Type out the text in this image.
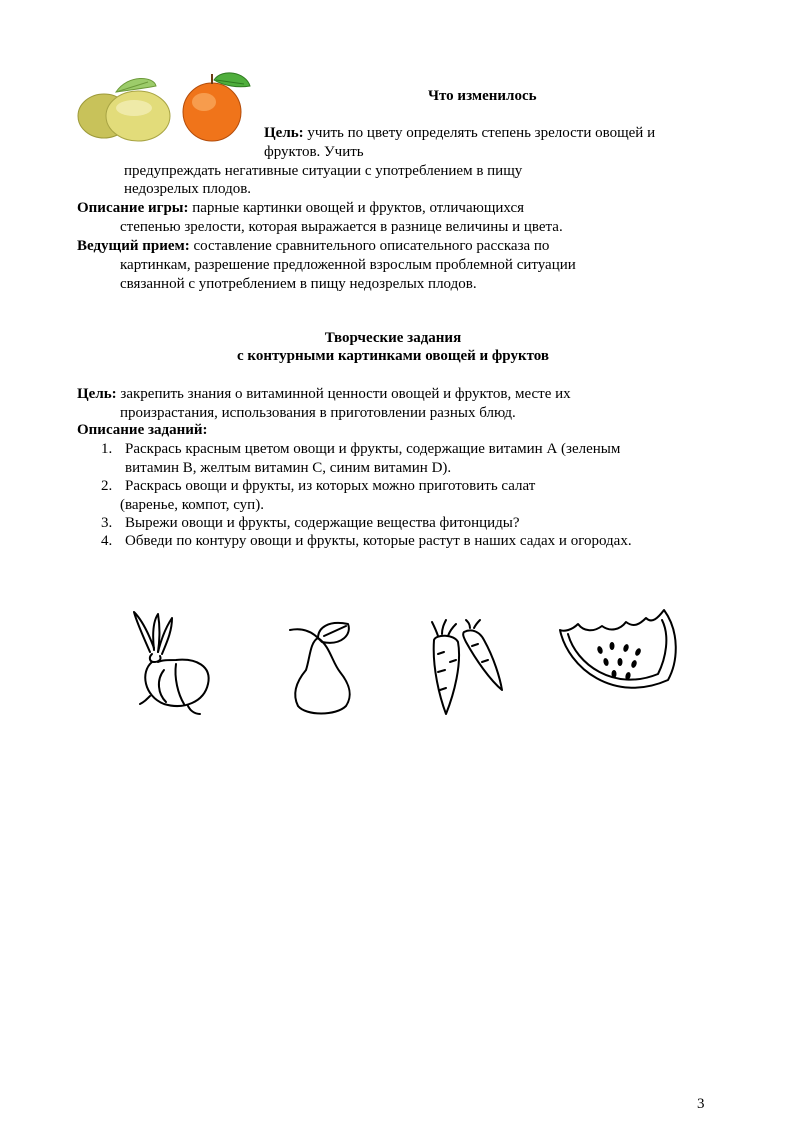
Что изменилось
Цель: учить по цвету определять степень зрелости овощей и
фруктов. Учить
предупреждать негативные ситуации с употреблением в пищу
недозрелых плодов.
Описание игры: парные картинки овощей и фруктов, отличающихся
степенью зрелости, которая выражается в разнице величины и цвета.
Ведущий прием: составление сравнительного описательного рассказа по
картинкам, разрешение предложенной взрослым проблемной ситуации
связанной с употреблением в пищу недозрелых плодов.
Творческие задания
с контурными картинками овощей и фруктов
Цель: закрепить знания о витаминной ценности овощей и фруктов, месте их
произрастания, использования в приготовлении разных блюд.
Описание заданий:
1. Раскрась красным цветом овощи и фрукты, содержащие витамин А (зеленым
витамин В, желтым витамин С, синим витамин D).
2. Раскрась овощи и фрукты, из которых можно приготовить салат
(варенье, компот, суп).
3. Вырежи овощи и фрукты, содержащие вещества фитонциды?
4. Обведи по контуру овощи и фрукты, которые растут в наших садах и огородах.
3
